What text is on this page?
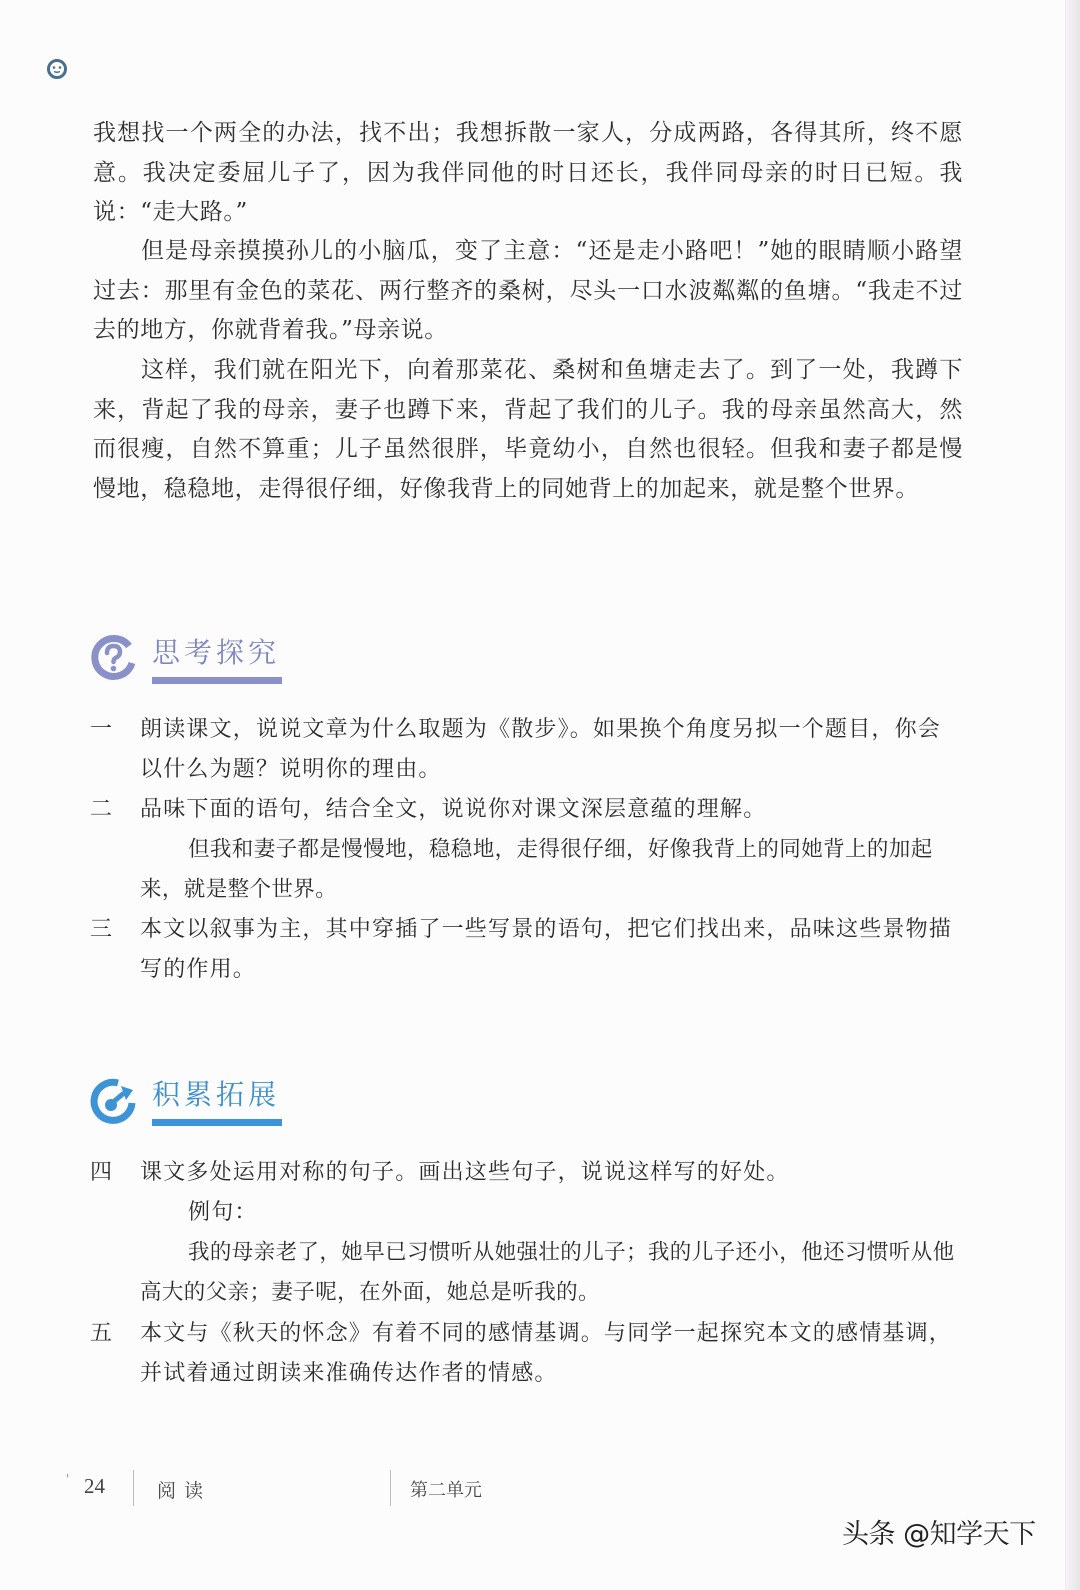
我想找一个两全的办法，找不出；我想拆散一家人，分成两路，各得其所，终不愿意。我决定委屈儿子了，因为我伴同他的时日还长，我伴同母亲的时日已短。我说：“走大路。”
但是母亲摸摸孙儿的小脑瓜，变了主意：“还是走小路吧！”她的眼睛顺小路望过去：那里有金色的菜花、两行整齐的桑树，尽头一口水波粼粼的鱼塘。“我走不过去的地方，你就背着我。”母亲说。
这样，我们就在阳光下，向着那菜花、桑树和鱼塘走去了。到了一处，我蹲下来，背起了我的母亲，妻子也蹲下来，背起了我们的儿子。我的母亲虽然高大，然而很瘦，自然不算重；儿子虽然很胖，毕竟幼小，自然也很轻。但我和妻子都是慢慢地，稳稳地，走得很仔细，好像我背上的同她背上的加起来，就是整个世界。
思考探究
一	朗读课文，说说文章为什么取题为《散步》。如果换个角度另拟一个题目，你会以什么为题？说明你的理由。
二	品味下面的语句，结合全文，说说你对课文深层意蕴的理解。
但我和妻子都是慢慢地，稳稳地，走得很仔细，好像我背上的同她背上的加起来，就是整个世界。
三	本文以叙事为主，其中穿插了一些写景的语句，把它们找出来，品味这些景物描写的作用。
积累拓展
四	课文多处运用对称的句子。画出这些句子，说说这样写的好处。
例句：
我的母亲老了，她早已习惯听从她强壮的儿子；我的儿子还小，他还习惯听从他高大的父亲；妻子呢，在外面，她总是听我的。
五	本文与《秋天的怀念》有着不同的感情基调。与同学一起探究本文的感情基调，并试着通过朗读来准确传达作者的情感。
' 24	阅读	第二单元
头条 @知学天下
